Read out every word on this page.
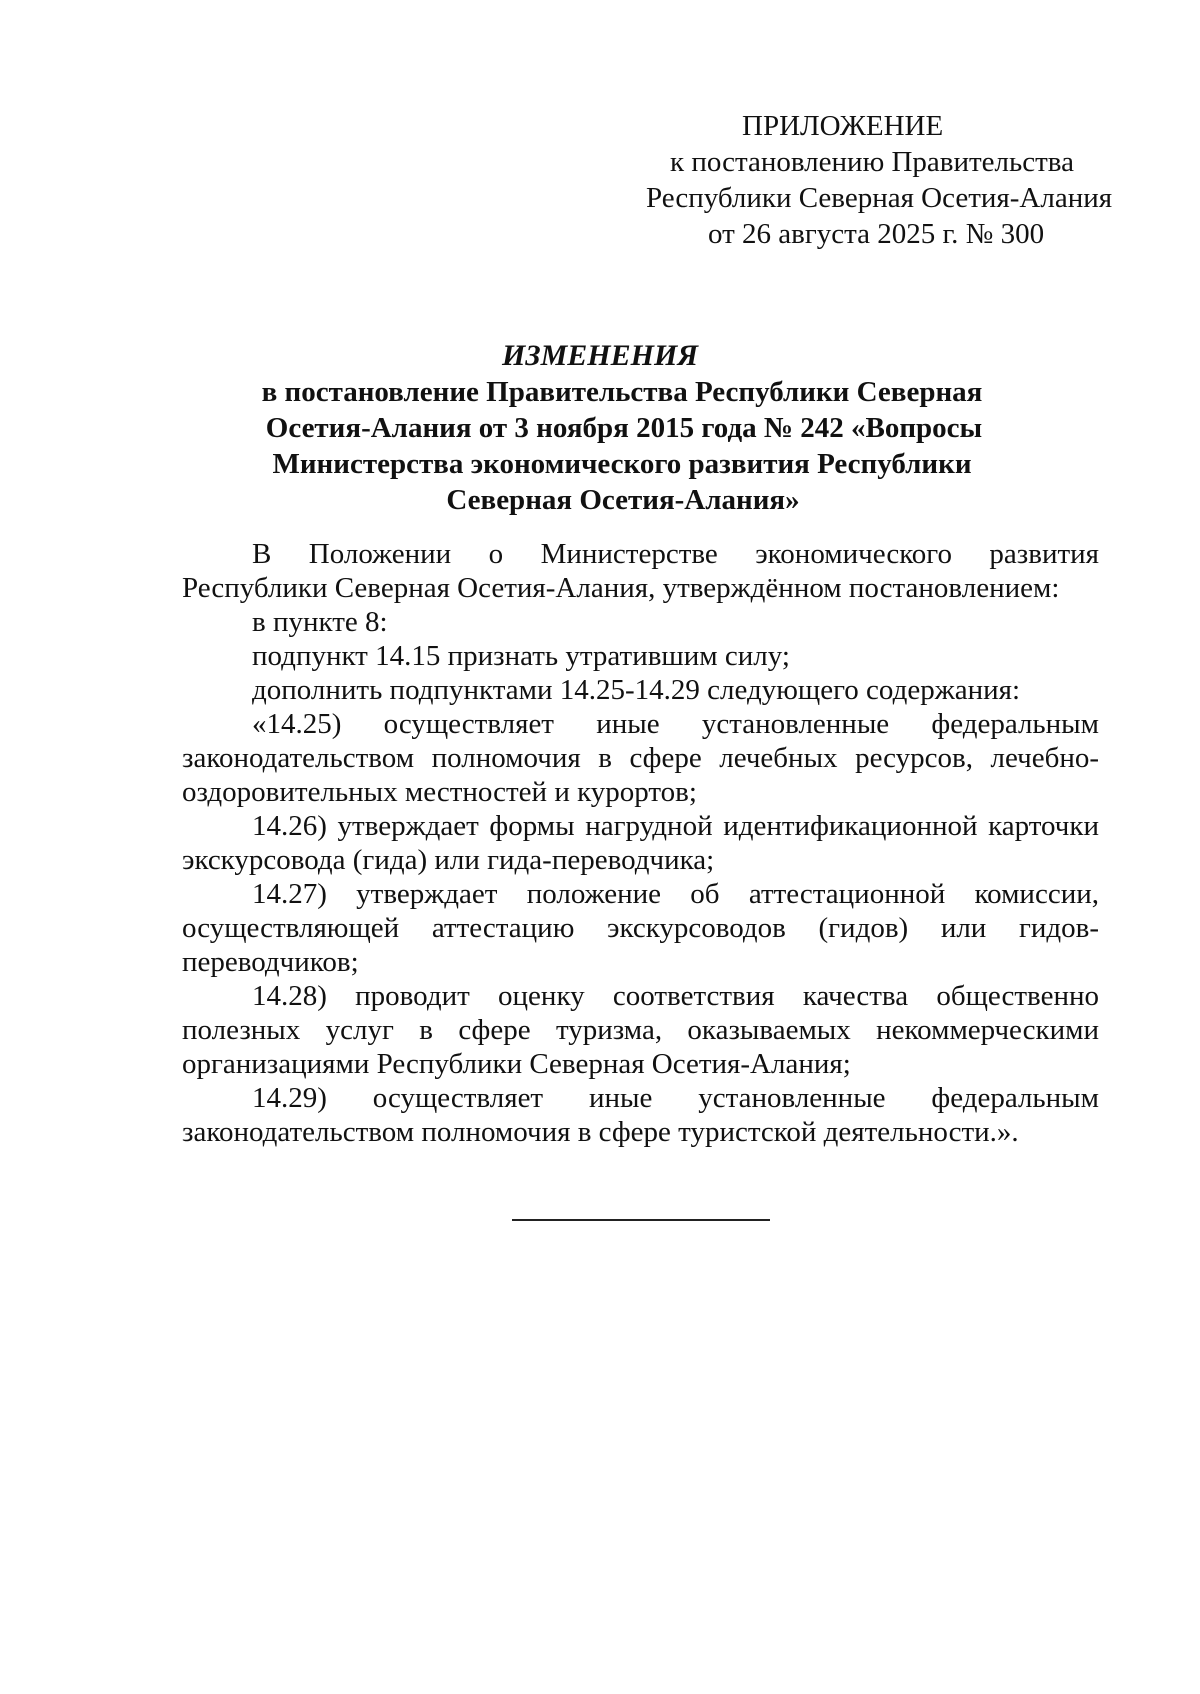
ПРИЛОЖЕНИЕ
к постановлению Правительства
Республики Северная Осетия-Алания
от 26 августа 2025 г. № 300
ИЗМЕНЕНИЯ
в постановление Правительства Республики Северная
Осетия-Алания от 3 ноября 2015 года № 242 «Вопросы
Министерства экономического развития Республики
Северная Осетия-Алания»

В Положении о Министерстве экономического развития Республики Северная Осетия-Алания, утверждённом постановлением:

в пункте 8:

подпункт 14.15 признать утратившим силу;

дополнить подпунктами 14.25-14.29 следующего содержания:

«14.25) осуществляет иные установленные федеральным законодательством полномочия в сфере лечебных ресурсов, лечебно-оздоровительных местностей и курортов;

14.26) утверждает формы нагрудной идентификационной карточки экскурсовода (гида) или гида-переводчика;

14.27) утверждает положение об аттестационной комиссии, осуществляющей аттестацию экскурсоводов (гидов) или гидов-переводчиков;

14.28) проводит оценку соответствия качества общественно полезных услуг в сфере туризма, оказываемых некоммерческими организациями Республики Северная Осетия-Алания;

14.29) осуществляет иные установленные федеральным законодательством полномочия в сфере туристской деятельности.».
